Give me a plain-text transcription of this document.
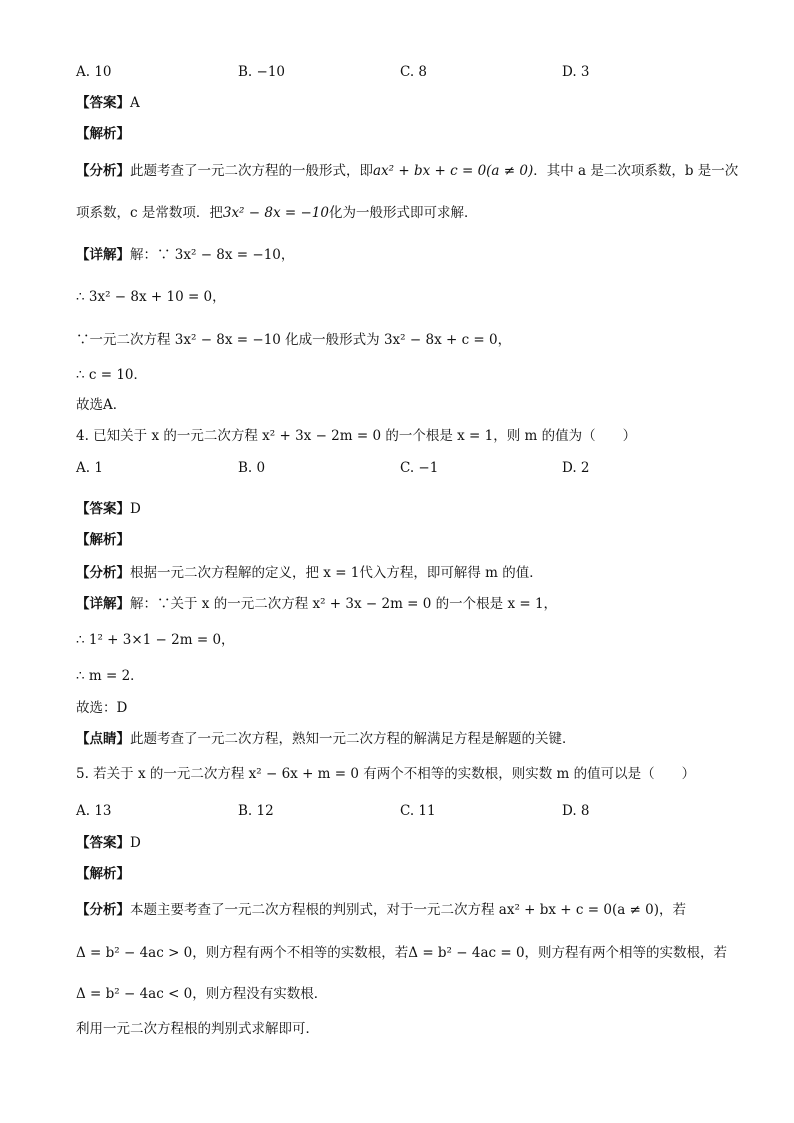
A. 10	B. −10	C. 8	D. 3
【答案】A
【解析】
【分析】此题考查了一元二次方程的一般形式，即ax² + bx + c = 0(a ≠ 0)．其中 a 是二次项系数，b 是一次
项系数，c 是常数项．把3x² − 8x = −10化为一般形式即可求解．
【详解】解：∵ 3x² − 8x = −10，
∴ 3x² − 8x + 10 = 0，
∵一元二次方程 3x² − 8x = −10 化成一般形式为 3x² − 8x + c = 0，
∴ c = 10．
故选A．
4. 已知关于 x 的一元二次方程 x² + 3x − 2m = 0 的一个根是 x = 1，则 m 的值为（　　）
A. 1	B. 0	C. −1	D. 2
【答案】D
【解析】
【分析】根据一元二次方程解的定义，把 x = 1代入方程，即可解得 m 的值．
【详解】解：∵关于 x 的一元二次方程 x² + 3x − 2m = 0 的一个根是 x = 1，
∴ 1² + 3×1 − 2m = 0，
∴ m = 2．
故选：D
【点睛】此题考查了一元二次方程，熟知一元二次方程的解满足方程是解题的关键．
5. 若关于 x 的一元二次方程 x² − 6x + m = 0 有两个不相等的实数根，则实数 m 的值可以是（　　）
A. 13	B. 12	C. 11	D. 8
【答案】D
【解析】
【分析】本题主要考查了一元二次方程根的判别式，对于一元二次方程 ax² + bx + c = 0(a ≠ 0)，若
Δ = b² − 4ac > 0，则方程有两个不相等的实数根，若Δ = b² − 4ac = 0，则方程有两个相等的实数根，若
Δ = b² − 4ac < 0，则方程没有实数根．
利用一元二次方程根的判别式求解即可．
